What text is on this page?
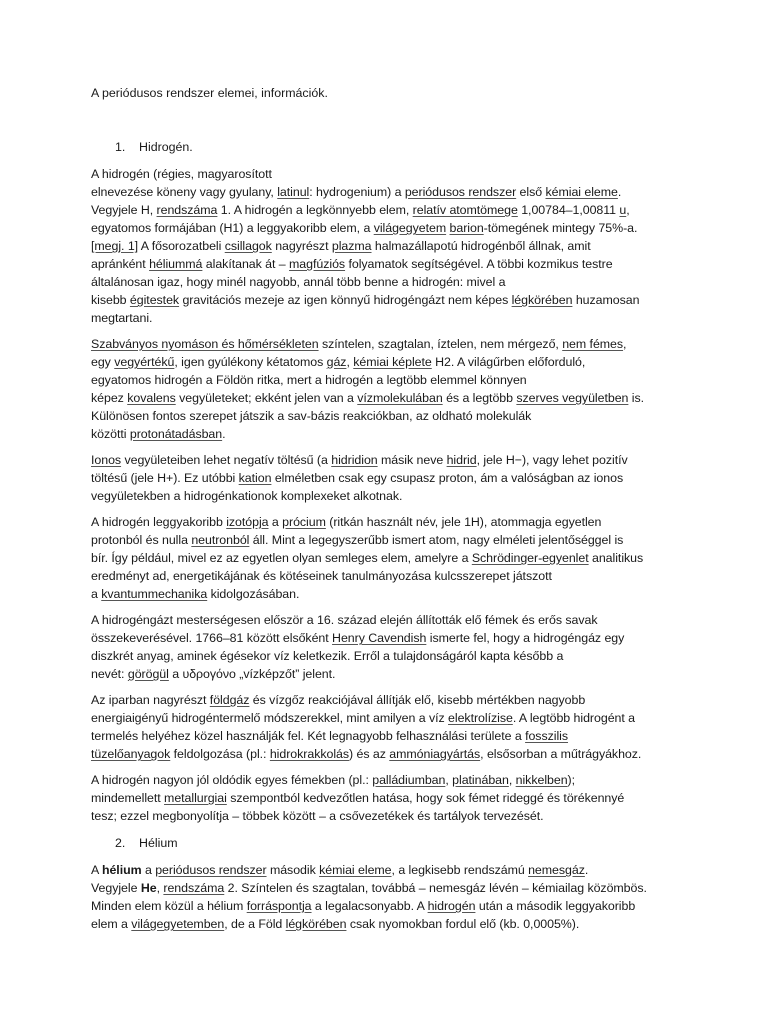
A periódusos rendszer elemei, információk.

1.	Hidrogén.

A hidrogén (régies, magyarosított
elnevezése köneny vagy gyulany, latinul: hydrogenium) a periódusos rendszer első kémiai eleme.
Vegyjele H, rendszáma 1. A hidrogén a legkönnyebb elem, relatív atomtömege 1,00784–1,00811 u,
egyatomos formájában (H1) a leggyakoribb elem, a világegyetem barion-tömegének mintegy 75%-a.
[megj. 1] A fősorozatbeli csillagok nagyrészt plazma halmazállapotú hidrogénből állnak, amit
apránként héliummá alakítanak át – magfúziós folyamatok segítségével. A többi kozmikus testre
általánosan igaz, hogy minél nagyobb, annál több benne a hidrogén: mivel a
kisebb égitestek gravitációs mezeje az igen könnyű hidrogéngázt nem képes légkörében huzamosan
megtartani.

Szabványos nyomáson és hőmérsékleten színtelen, szagtalan, íztelen, nem mérgező, nem fémes,
egy vegyértékű, igen gyúlékony kétatomos gáz, kémiai képlete H2. A világűrben előforduló,
egyatomos hidrogén a Földön ritka, mert a hidrogén a legtöbb elemmel könnyen
képez kovalens vegyületeket; ekként jelen van a vízmolekulában és a legtöbb szerves vegyületben is.
Különösen fontos szerepet játszik a sav-bázis reakciókban, az oldható molekulák
közötti protonátadásban.

Ionos vegyületeiben lehet negatív töltésű (a hidridion másik neve hidrid, jele H−), vagy lehet pozitív
töltésű (jele H+). Ez utóbbi kation elméletben csak egy csupasz proton, ám a valóságban az ionos
vegyületekben a hidrogénkationok komplexeket alkotnak.

A hidrogén leggyakoribb izotópja a prócium (ritkán használt név, jele 1H), atommagja egyetlen
protonból és nulla neutronból áll. Mint a legegyszerűbb ismert atom, nagy elméleti jelentőséggel is
bír. Így például, mivel ez az egyetlen olyan semleges elem, amelyre a Schrödinger-egyenlet analitikus
eredményt ad, energetikájának és kötéseinek tanulmányozása kulcsszerepet játszott
a kvantummechanika kidolgozásában.

A hidrogéngázt mesterségesen először a 16. század elején állították elő fémek és erős savak
összekeverésével. 1766–81 között elsőként Henry Cavendish ismerte fel, hogy a hidrogéngáz egy
diszkrét anyag, aminek égésekor víz keletkezik. Erről a tulajdonságáról kapta később a
nevét: görögül a υδρογόνο „vízképzőt” jelent.

Az iparban nagyrészt földgáz és vízgőz reakciójával állítják elő, kisebb mértékben nagyobb
energiaigényű hidrogéntermelő módszerekkel, mint amilyen a víz elektrolízise. A legtöbb hidrogént a
termelés helyéhez közel használják fel. Két legnagyobb felhasználási területe a fosszilis
tüzelőanyagok feldolgozása (pl.: hidrokrakkolás) és az ammóniagyártás, elsősorban a műtrágyákhoz.

A hidrogén nagyon jól oldódik egyes fémekben (pl.: palládiumban, platinában, nikkelben);
mindemellett metallurgiai szempontból kedvezőtlen hatása, hogy sok fémet rideggé és törékennyé
tesz; ezzel megbonyolítja – többek között – a csővezetékek és tartályok tervezését.

2.	Hélium

A hélium a periódusos rendszer második kémiai eleme, a legkisebb rendszámú nemesgáz.
Vegyjele He, rendszáma 2. Színtelen és szagtalan, továbbá – nemesgáz lévén – kémiailag közömbös.
Minden elem közül a hélium forráspontja a legalacsonyabb. A hidrogén után a második leggyakoribb
elem a világegyetemben, de a Föld légkörében csak nyomokban fordul elő (kb. 0,0005%).
